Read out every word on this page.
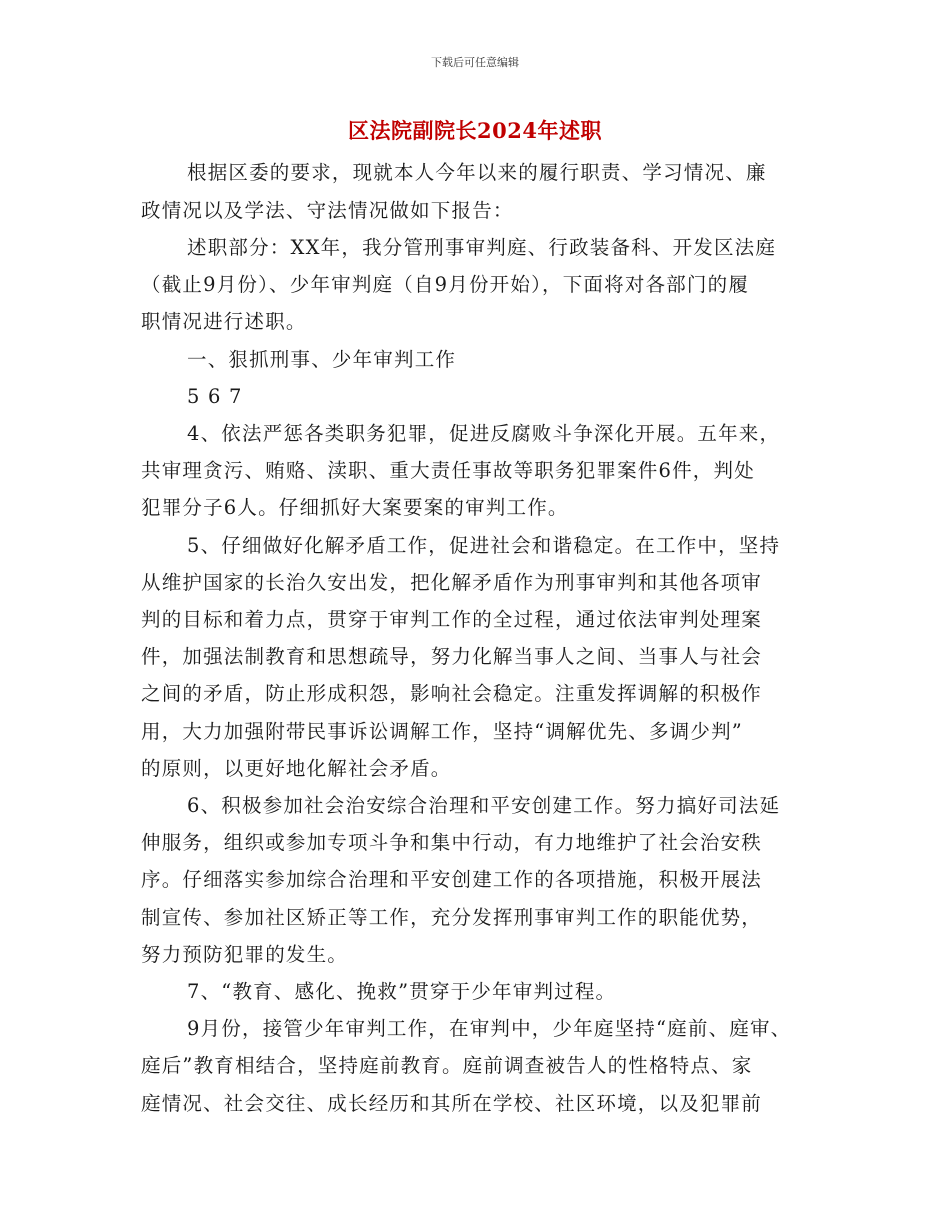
下载后可任意编辑
区法院副院长2024年述职
根据区委的要求，现就本人今年以来的履行职责、学习情况、廉
政情况以及学法、守法情况做如下报告：
述职部分：XX年，我分管刑事审判庭、行政装备科、开发区法庭
（截止9月份）、少年审判庭（自9月份开始），下面将对各部门的履
职情况进行述职。
一、狠抓刑事、少年审判工作
5 6 7
4、依法严惩各类职务犯罪，促进反腐败斗争深化开展。五年来，
共审理贪污、贿赂、渎职、重大责任事故等职务犯罪案件6件，判处
犯罪分子6人。仔细抓好大案要案的审判工作。
5、仔细做好化解矛盾工作，促进社会和谐稳定。在工作中，坚持
从维护国家的长治久安出发，把化解矛盾作为刑事审判和其他各项审
判的目标和着力点，贯穿于审判工作的全过程，通过依法审判处理案
件，加强法制教育和思想疏导，努力化解当事人之间、当事人与社会
之间的矛盾，防止形成积怨，影响社会稳定。注重发挥调解的积极作
用，大力加强附带民事诉讼调解工作，坚持“调解优先、多调少判”
的原则，以更好地化解社会矛盾。
6、积极参加社会治安综合治理和平安创建工作。努力搞好司法延
伸服务，组织或参加专项斗争和集中行动，有力地维护了社会治安秩
序。仔细落实参加综合治理和平安创建工作的各项措施，积极开展法
制宣传、参加社区矫正等工作，充分发挥刑事审判工作的职能优势，
努力预防犯罪的发生。
7、“教育、感化、挽救”贯穿于少年审判过程。
9月份，接管少年审判工作，在审判中，少年庭坚持“庭前、庭审、
庭后”教育相结合，坚持庭前教育。庭前调查被告人的性格特点、家
庭情况、社会交往、成长经历和其所在学校、社区环境，以及犯罪前
